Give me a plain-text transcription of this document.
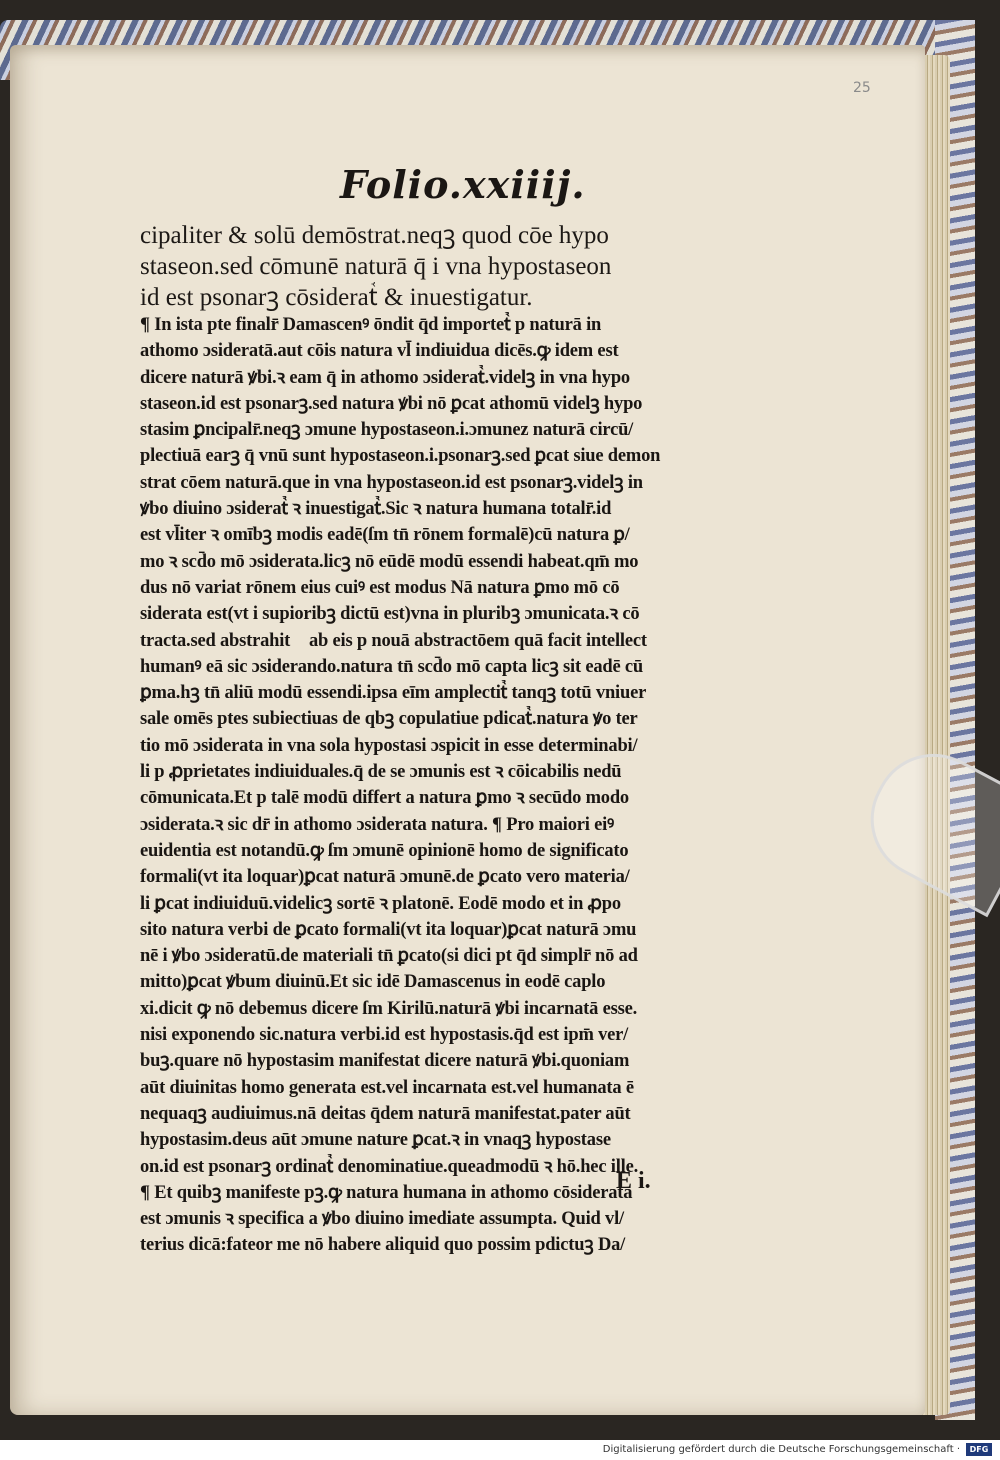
25
Folio.xxiiij.
cipaliter & solū demōstrat.neqꝫ quod cōe hypo
staseon.sed cōmunē naturā q̄ i vna hypostaseon
id est psonarꝫ cōsideratᷣ & inuestigatur.
¶ In ista pte finalr̄ Damascenꝰ ōndit q̄d importetᷣ p naturā in
athomo ɔsideratā.aut cōis natura vl̄ indiuidua dicēs.ꝙ idem est
dicere naturā ꝟbi.ꝛ eam q̄ in athomo ɔsideratᷣ.videlꝫ in vna hypo
staseon.id est psonarꝫ.sed natura ꝟbi nō ꝑcat athomū videlꝫ hypo
stasim ꝑncipalr̄.neqꝫ ɔmune hypostaseon.i.ɔmunez naturā circū/
plectiuā earꝫ q̄ vnū sunt hypostaseon.i.psonarꝫ.sed ꝑcat siue demon
strat cōem naturā.que in vna hypostaseon.id est psonarꝫ.videlꝫ in
ꝟbo diuino ɔsideratᷣ ꝛ inuestigatᷣ.Sic ꝛ natura humana totalr̄.id
est vl̄iter ꝛ omībꝫ modis eadē(ſm tn̄ rōnem formalē)cū natura ꝑ/
mo ꝛ scd̄o mō ɔsiderata.licꝫ nō eūdē modū essendi habeat.qm̄ mo
dus nō variat rōnem eius cuiꝰ est modus Nā natura ꝑmo mō cō
siderata est(vt i supioribꝫ dictū est)vna in pluribꝫ ɔmunicata.ꝛ cō
tracta.sed abstrahitᷣ ab eis p nouā abstractōem quā facit intellectꝰ
humanꝰ eā sic ɔsiderando.natura tn̄ scd̄o mō capta licꝫ sit eadē cū
ꝑma.hꝫ tn̄ aliū modū essendi.ipsa eīm amplectitᷣ tanqꝫ totū vniuer
sale omēs ptes subiectiuas de qbꝫ copulatiue pdicatᷣ.natura ꝟo ter
tio mō ɔsiderata in vna sola hypostasi ɔspicit in esse determinabi/
li p ꝓprietates indiuiduales.q̄ de se ɔmunis est ꝛ cōicabilis nedū
cōmunicata.Et p talē modū differt a natura ꝑmo ꝛ secūdo modo
ɔsiderata.ꝛ sic dr̄ in athomo ɔsiderata natura. ¶ Pro maiori eiꝰ
euidentia est notandū.ꝙ ſm ɔmunē opinionē homo de significato
formali(vt ita loquar)ꝑcat naturā ɔmunē.de ꝑcato vero materia/
li ꝑcat indiuiduū.videlicꝫ sortē ꝛ platonē. Eodē modo et in ꝓpo
sito natura verbi de ꝑcato formali(vt ita loquar)ꝑcat naturā ɔmu
nē i ꝟbo ɔsideratū.de materiali tn̄ ꝑcato(si dici pt q̄d simplr̄ nō ad
mitto)ꝑcat ꝟbum diuinū.Et sic idē Damascenus in eodē caplo
xi.dicit ꝙ nō debemus dicere ſm Kirilū.naturā ꝟbi incarnatā esse.
nisi exponendo sic.natura verbi.id est hypostasis.q̄d est ipm̄ ver/
buꝫ.quare nō hypostasim manifestat dicere naturā ꝟbi.quoniam
aūt diuinitas homo generata est.vel incarnata est.vel humanata ē
nequaqꝫ audiuimus.nā deitas q̄dem naturā manifestat.pater aūt
hypostasim.deus aūt ɔmune nature ꝑcat.ꝛ in vnaqꝫ hypostase
on.id est psonarꝫ ordinatᷣ denominatiue.queadmodū ꝛ hō.hec ille.
¶ Et quibꝫ manifeste pꝫ.ꝙ natura humana in athomo cōsiderata
est ɔmunis ꝛ specifica a ꝟbo diuino imediate assumpta. Quid vl/
terius dicā:fateor me nō habere aliquid quo possim pdictuꝫ Da/
E i.
Digitalisierung gefördert durch die Deutsche Forschungsgemeinschaft ·	DFG
